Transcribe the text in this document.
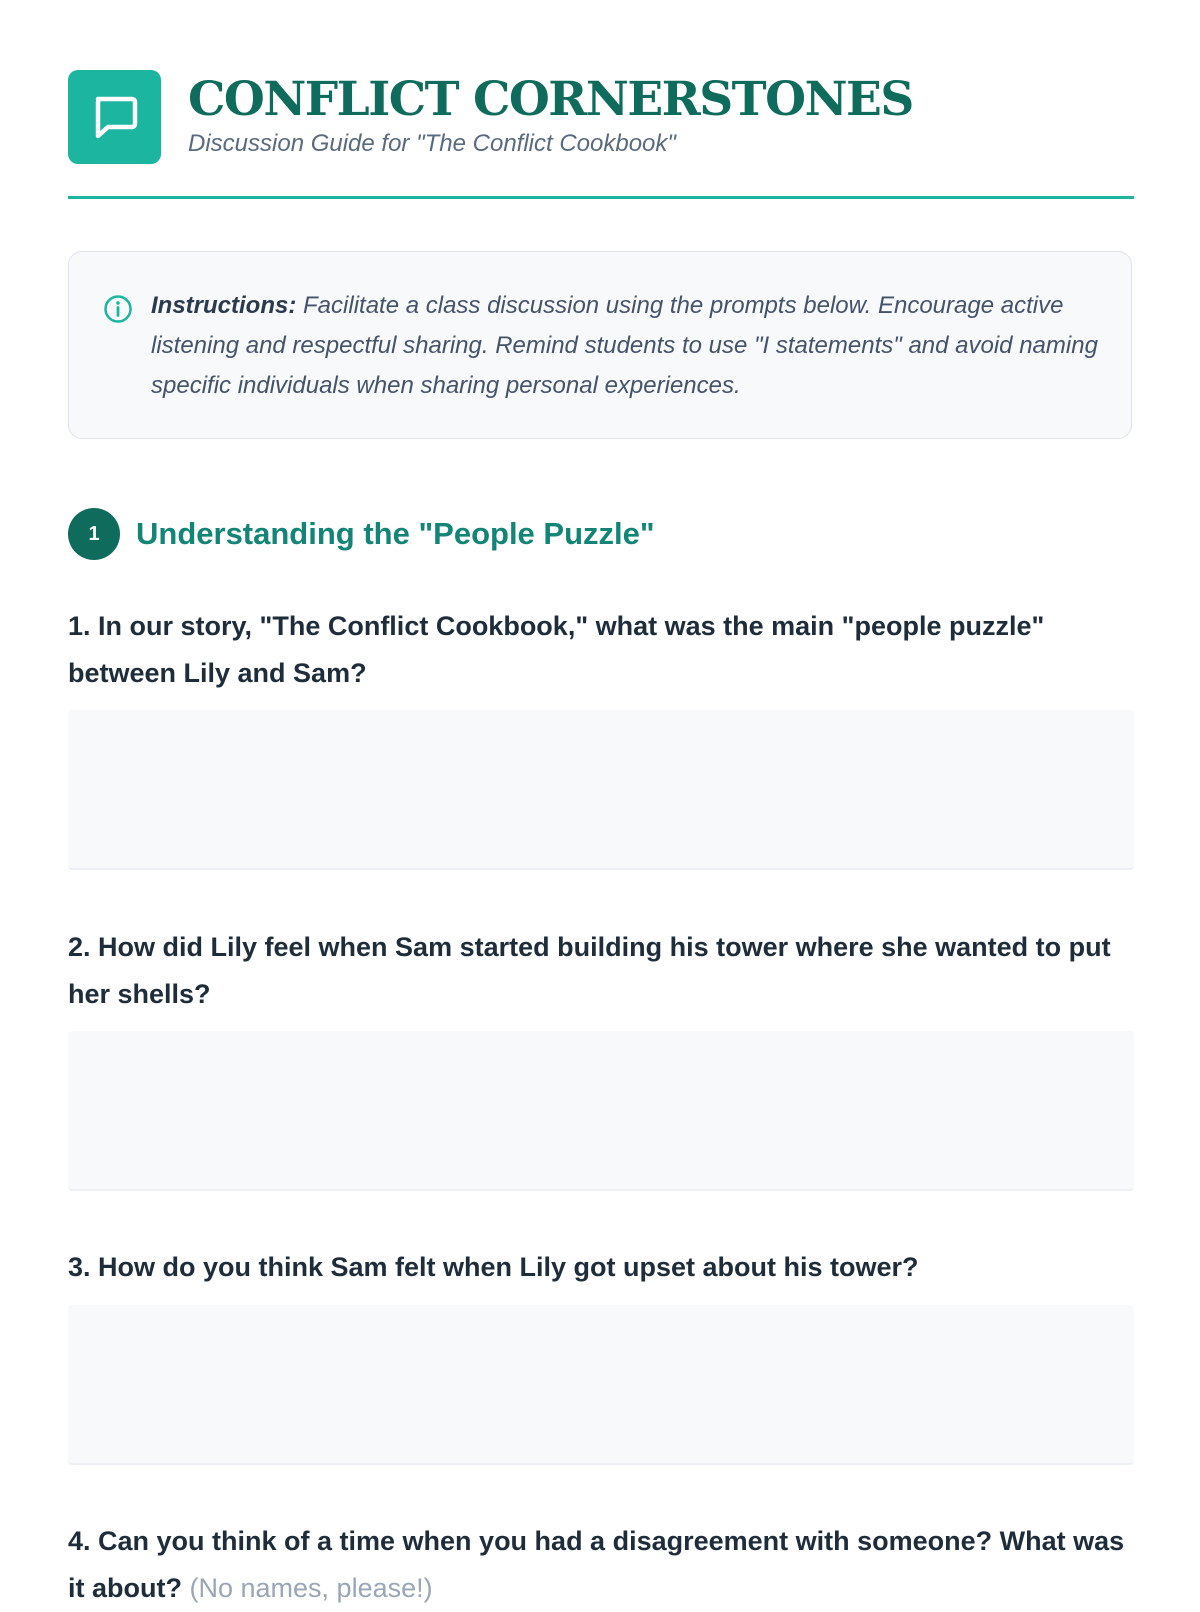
CONFLICT CORNERSTONES
Discussion Guide for "The Conflict Cookbook"
Instructions: Facilitate a class discussion using the prompts below. Encourage active listening and respectful sharing. Remind students to use "I statements" and avoid naming specific individuals when sharing personal experiences.
1	Understanding the "People Puzzle"

1. In our story, "The Conflict Cookbook," what was the main "people puzzle" between Lily and Sam?

2. How did Lily feel when Sam started building his tower where she wanted to put her shells?

3. How do you think Sam felt when Lily got upset about his tower?

4. Can you think of a time when you had a disagreement with someone? What was it about? (No names, please!)
